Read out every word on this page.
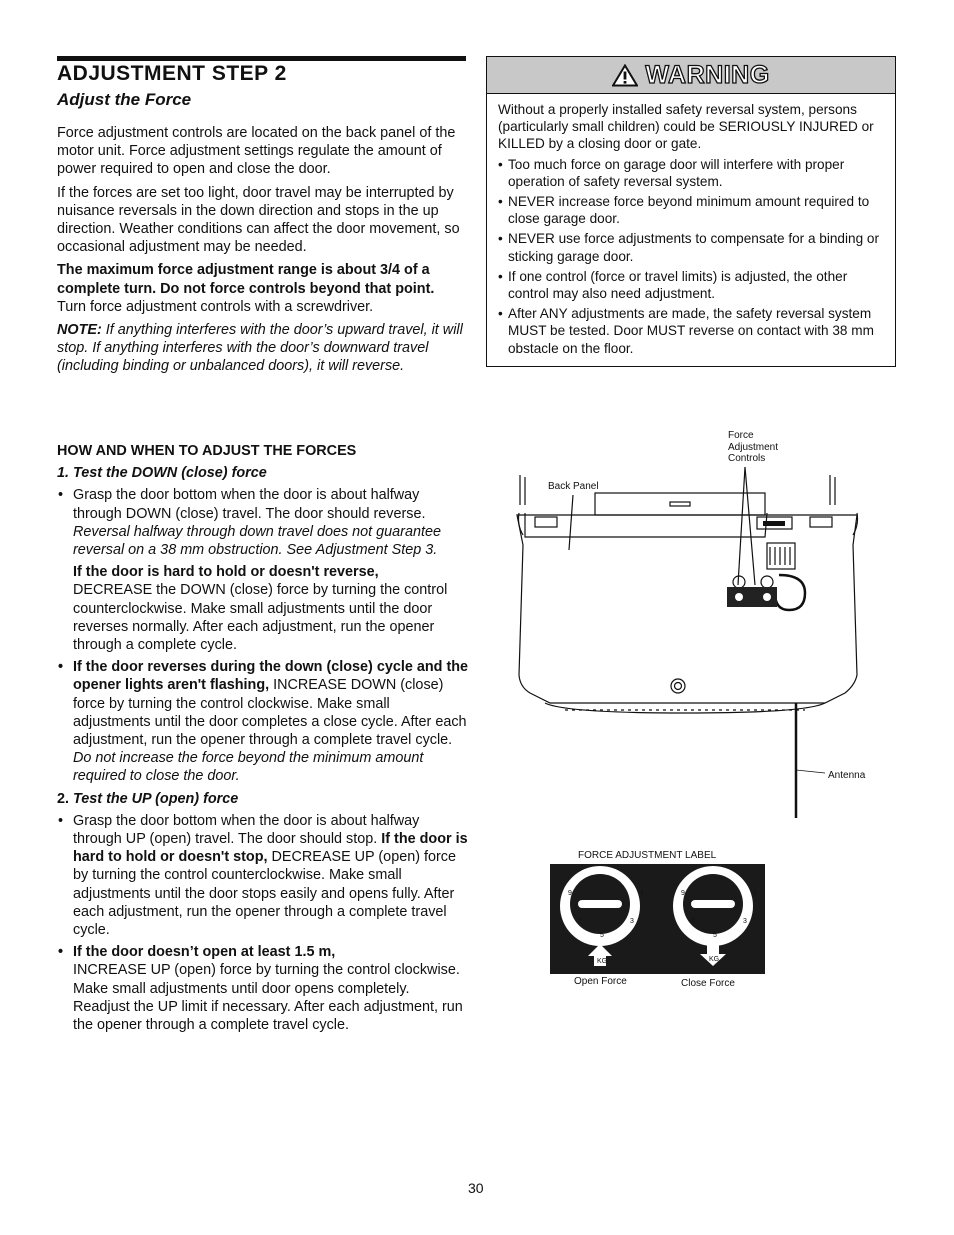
ADJUSTMENT STEP 2
Adjust the Force

Force adjustment controls are located on the back panel of the motor unit. Force adjustment settings regulate the amount of power required to open and close the door.

If the forces are set too light, door travel may be interrupted by nuisance reversals in the down direction and stops in the up direction. Weather conditions can affect the door movement, so occasional adjustment may be needed.

The maximum force adjustment range is about 3/4 of a complete turn. Do not force controls beyond that point. Turn force adjustment controls with a screwdriver.

NOTE: If anything interferes with the door’s upward travel, it will stop. If anything interferes with the door’s downward travel (including binding or unbalanced doors), it will reverse.

WARNING

Without a properly installed safety reversal system, persons (particularly small children) could be SERIOUSLY INJURED or KILLED by a closing door or gate.

• Too much force on garage door will interfere with proper operation of safety reversal system.

• NEVER increase force beyond minimum amount required to close garage door.

• NEVER use force adjustments to compensate for a binding or sticking garage door.

• If one control (force or travel limits) is adjusted, the other control may also need adjustment.

• After ANY adjustments are made, the safety reversal system MUST be tested. Door MUST reverse on contact with 38 mm obstacle on the floor.

HOW AND WHEN TO ADJUST THE FORCES

1. Test the DOWN (close) force

• Grasp the door bottom when the door is about halfway through DOWN (close) travel. The door should reverse. Reversal halfway through down travel does not guarantee reversal on a 38 mm obstruction. See Adjustment Step 3.

If the door is hard to hold or doesn't reverse,
DECREASE the DOWN (close) force by turning the control counterclockwise. Make small adjustments until the door reverses normally. After each adjustment, run the opener through a complete cycle.

• If the door reverses during the down (close) cycle and the opener lights aren't flashing, INCREASE DOWN (close) force by turning the control clockwise. Make small adjustments until the door completes a close cycle. After each adjustment, run the opener through a complete travel cycle. Do not increase the force beyond the minimum amount required to close the door.

2. Test the UP (open) force

• Grasp the door bottom when the door is about halfway through UP (open) travel. The door should stop. If the door is hard to hold or doesn't stop, DECREASE UP (open) force by turning the control counterclockwise. Make small adjustments until the door stops easily and opens fully. After each adjustment, run the opener through a complete travel cycle.

• If the door doesn’t open at least 1.5 m,
INCREASE UP (open) force by turning the control clockwise. Make small adjustments until door opens completely. Readjust the UP limit if necessary. After each adjustment, run the opener through a complete travel cycle.

Force
Adjustment
Controls
Back Panel
Antenna
FORCE ADJUSTMENT LABEL
9	1
7	3
5
9	1
7	3
5
KG	KG
Open Force	Close Force
30
